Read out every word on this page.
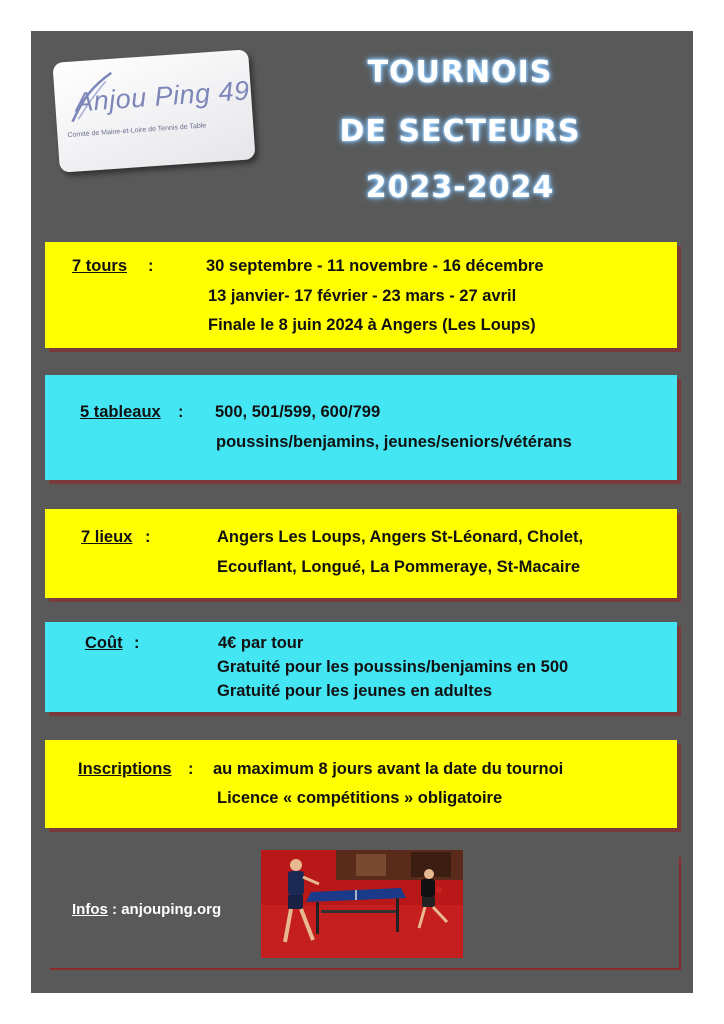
Anjou Ping 49
Comité de Maine-et-Loire de Tennis de Table
TOURNOIS
DE SECTEURS
2023-2024
7 tours :	30 septembre - 11 novembre - 16 décembre
13 janvier- 17 février - 23 mars - 27 avril
Finale le 8 juin 2024 à Angers (Les Loups)
5 tableaux : 500, 501/599, 600/799
poussins/benjamins, jeunes/seniors/vétérans
7 lieux :	Angers Les Loups, Angers St-Léonard, Cholet,
Ecouflant, Longué, La Pommeraye, St-Macaire
Coût :	4€ par tour
Gratuité pour les poussins/benjamins en 500
Gratuité pour les jeunes en adultes
Inscriptions : au maximum 8 jours avant la date du tournoi
Licence « compétitions » obligatoire
Infos : anjouping.org
